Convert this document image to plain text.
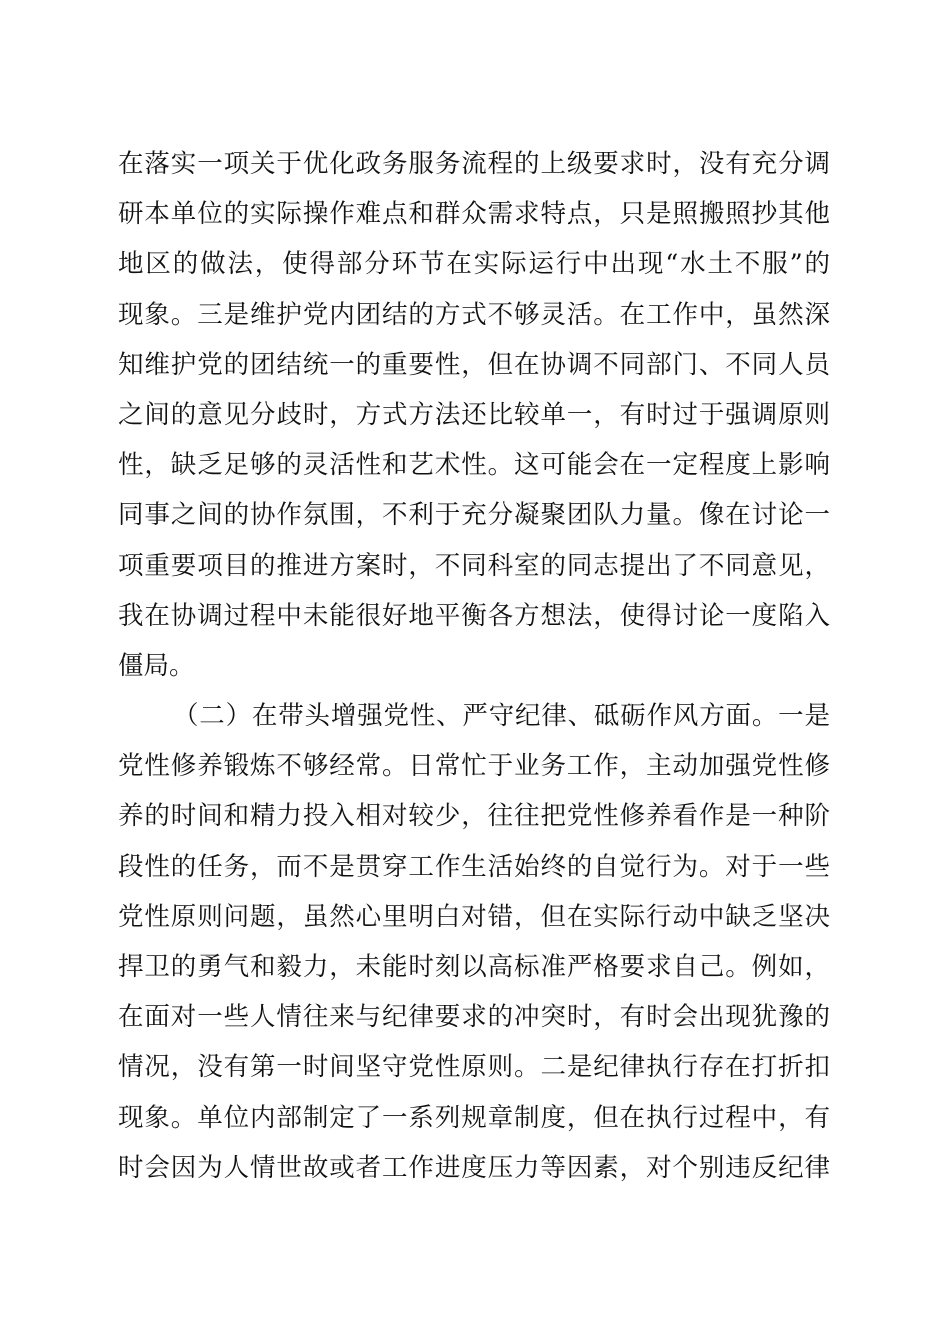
在落实一项关于优化政务服务流程的上级要求时，没有充分调
研本单位的实际操作难点和群众需求特点，只是照搬照抄其他
地区的做法，使得部分环节在实际运行中出现“水土不服”的
现象。三是维护党内团结的方式不够灵活。在工作中，虽然深
知维护党的团结统一的重要性，但在协调不同部门、不同人员
之间的意见分歧时，方式方法还比较单一，有时过于强调原则
性，缺乏足够的灵活性和艺术性。这可能会在一定程度上影响
同事之间的协作氛围，不利于充分凝聚团队力量。像在讨论一
项重要项目的推进方案时，不同科室的同志提出了不同意见，
我在协调过程中未能很好地平衡各方想法，使得讨论一度陷入
僵局。
（二）在带头增强党性、严守纪律、砥砺作风方面。一是
党性修养锻炼不够经常。日常忙于业务工作，主动加强党性修
养的时间和精力投入相对较少，往往把党性修养看作是一种阶
段性的任务，而不是贯穿工作生活始终的自觉行为。对于一些
党性原则问题，虽然心里明白对错，但在实际行动中缺乏坚决
捍卫的勇气和毅力，未能时刻以高标准严格要求自己。例如，
在面对一些人情往来与纪律要求的冲突时，有时会出现犹豫的
情况，没有第一时间坚守党性原则。二是纪律执行存在打折扣
现象。单位内部制定了一系列规章制度，但在执行过程中，有
时会因为人情世故或者工作进度压力等因素，对个别违反纪律
